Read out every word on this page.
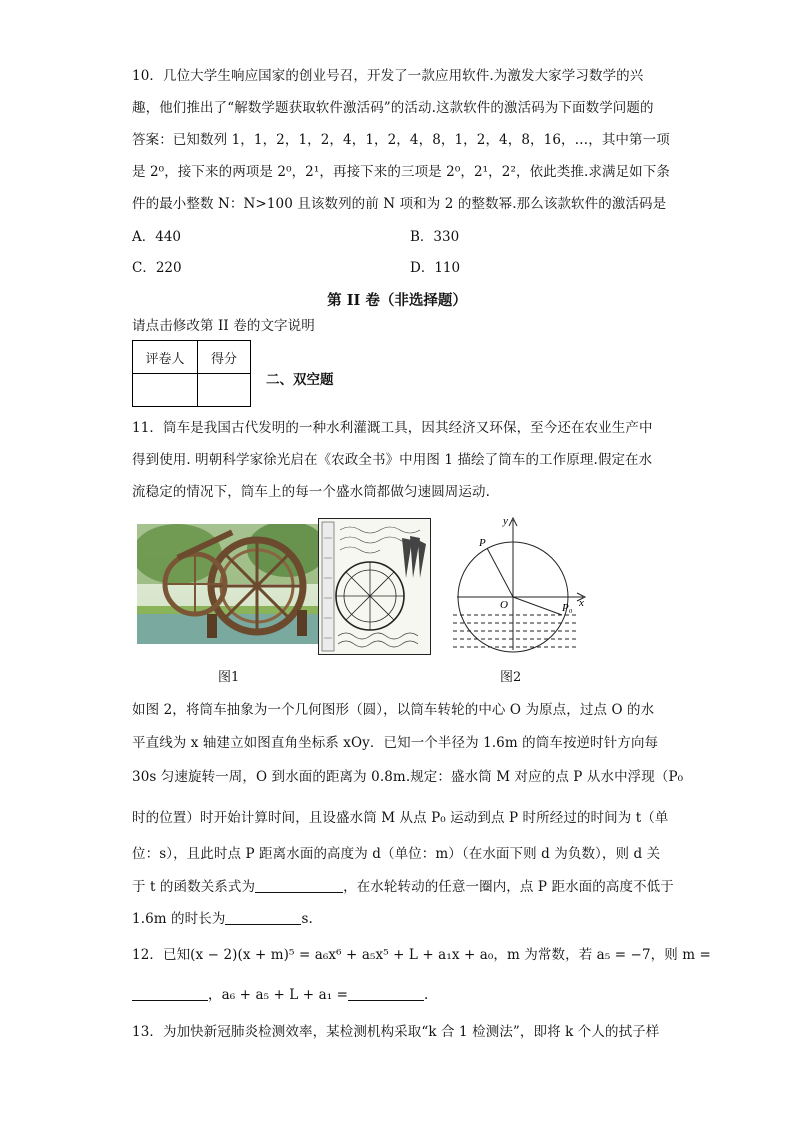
10．几位大学生响应国家的创业号召，开发了一款应用软件.为激发大家学习数学的兴
趣，他们推出了“解数学题获取软件激活码”的活动.这款软件的激活码为下面数学问题的
答案：已知数列 1，1，2，1，2，4，1，2，4，8，1，2，4，8，16，…，其中第一项
是 2⁰，接下来的两项是 2⁰，2¹，再接下来的三项是 2⁰，2¹，2²，依此类推.求满足如下条
件的最小整数 N：N>100 且该数列的前 N 项和为 2 的整数幂.那么该款软件的激活码是
A．440	B．330
C．220	D．110
第 II 卷（非选择题）
请点击修改第 II 卷的文字说明
评卷人	得分

二、双空题
11．筒车是我国古代发明的一种水利灌溉工具，因其经济又环保，至今还在农业生产中
得到使用. 明朝科学家徐光启在《农政全书》中用图 1 描绘了筒车的工作原理.假定在水
流稳定的情况下，筒车上的每一个盛水筒都做匀速圆周运动.
y
x
O
P
P₀
图1	图2
如图 2，将筒车抽象为一个几何图形（圆），以筒车转轮的中心 O 为原点，过点 O 的水
平直线为 x 轴建立如图直角坐标系 xOy．已知一个半径为 1.6m 的筒车按逆时针方向每
30s 匀速旋转一周，O 到水面的距离为 0.8m.规定：盛水筒 M 对应的点 P 从水中浮现（P₀
时的位置）时开始计算时间，且设盛水筒 M 从点 P₀ 运动到点 P 时所经过的时间为 t（单
位：s），且此时点 P 距离水面的高度为 d（单位：m）（在水面下则 d 为负数），则 d 关
于 t 的函数关系式为	，在水轮转动的任意一圈内，点 P 距水面的高度不低于
1.6m 的时长为	s.
12．已知(x − 2)(x + m)⁵ = a₆x⁶ + a₅x⁵ + L + a₁x + a₀，m 为常数，若 a₅ = −7，则 m =
，a₆ + a₅ + L + a₁ =	.
13．为加快新冠肺炎检测效率，某检测机构采取“k 合 1 检测法”，即将 k 个人的拭子样
